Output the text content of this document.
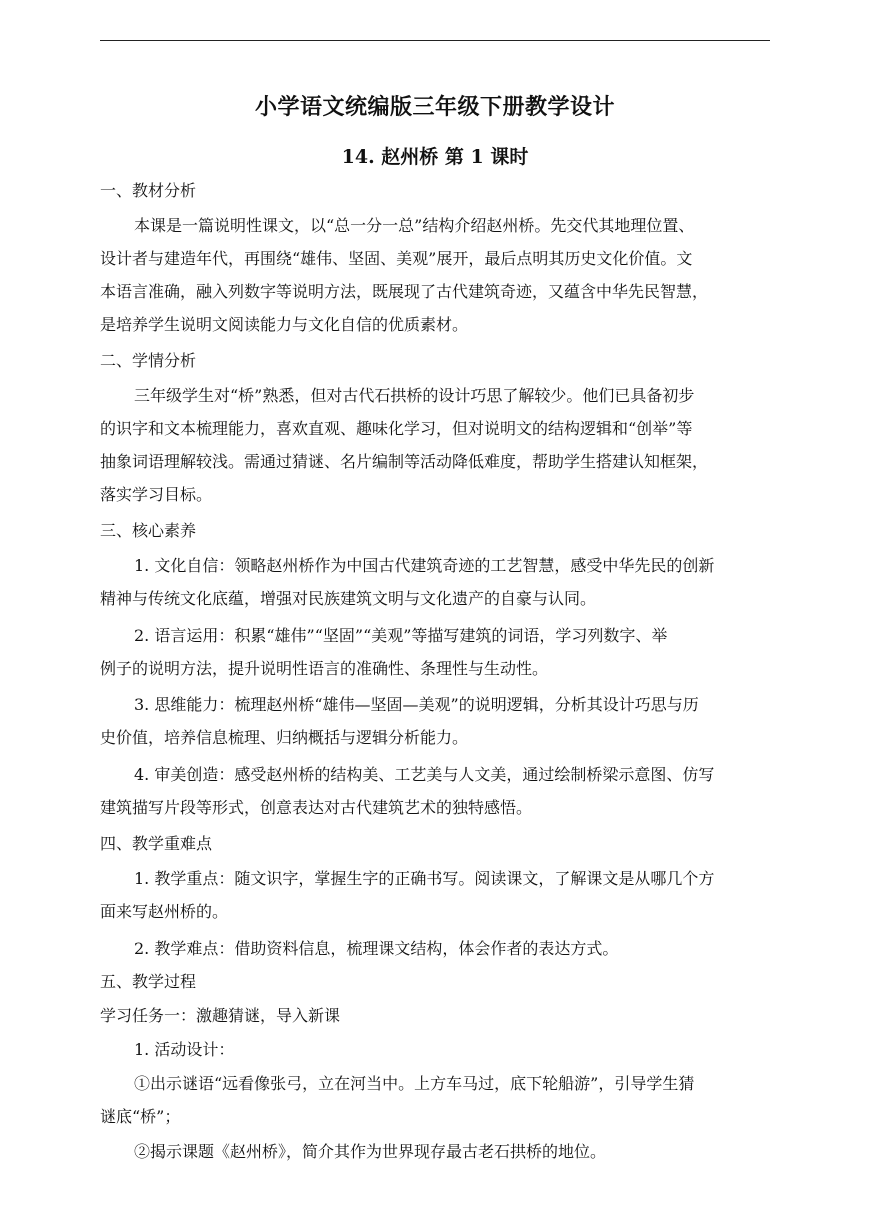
小学语文统编版三年级下册教学设计
14. 赵州桥 第 1 课时
一、教材分析
本课是一篇说明性课文，以“总一分一总”结构介绍赵州桥。先交代其地理位置、
设计者与建造年代，再围绕“雄伟、坚固、美观”展开，最后点明其历史文化价值。文
本语言准确，融入列数字等说明方法，既展现了古代建筑奇迹，又蕴含中华先民智慧，
是培养学生说明文阅读能力与文化自信的优质素材。
二、学情分析
三年级学生对“桥”熟悉，但对古代石拱桥的设计巧思了解较少。他们已具备初步
的识字和文本梳理能力，喜欢直观、趣味化学习，但对说明文的结构逻辑和“创举”等
抽象词语理解较浅。需通过猜谜、名片编制等活动降低难度，帮助学生搭建认知框架，
落实学习目标。
三、核心素养
1. 文化自信：领略赵州桥作为中国古代建筑奇迹的工艺智慧，感受中华先民的创新
精神与传统文化底蕴，增强对民族建筑文明与文化遗产的自豪与认同。
2. 语言运用：积累“雄伟”“坚固”“美观”等描写建筑的词语，学习列数字、举
例子的说明方法，提升说明性语言的准确性、条理性与生动性。
3. 思维能力：梳理赵州桥“雄伟—坚固—美观”的说明逻辑，分析其设计巧思与历
史价值，培养信息梳理、归纳概括与逻辑分析能力。
4. 审美创造：感受赵州桥的结构美、工艺美与人文美，通过绘制桥梁示意图、仿写
建筑描写片段等形式，创意表达对古代建筑艺术的独特感悟。
四、教学重难点
1. 教学重点：随文识字，掌握生字的正确书写。阅读课文，了解课文是从哪几个方
面来写赵州桥的。
2. 教学难点：借助资料信息，梳理课文结构，体会作者的表达方式。
五、教学过程
学习任务一：激趣猜谜，导入新课
1. 活动设计：
①出示谜语“远看像张弓，立在河当中。上方车马过，底下轮船游”，引导学生猜
谜底“桥”；
②揭示课题《赵州桥》，简介其作为世界现存最古老石拱桥的地位。
